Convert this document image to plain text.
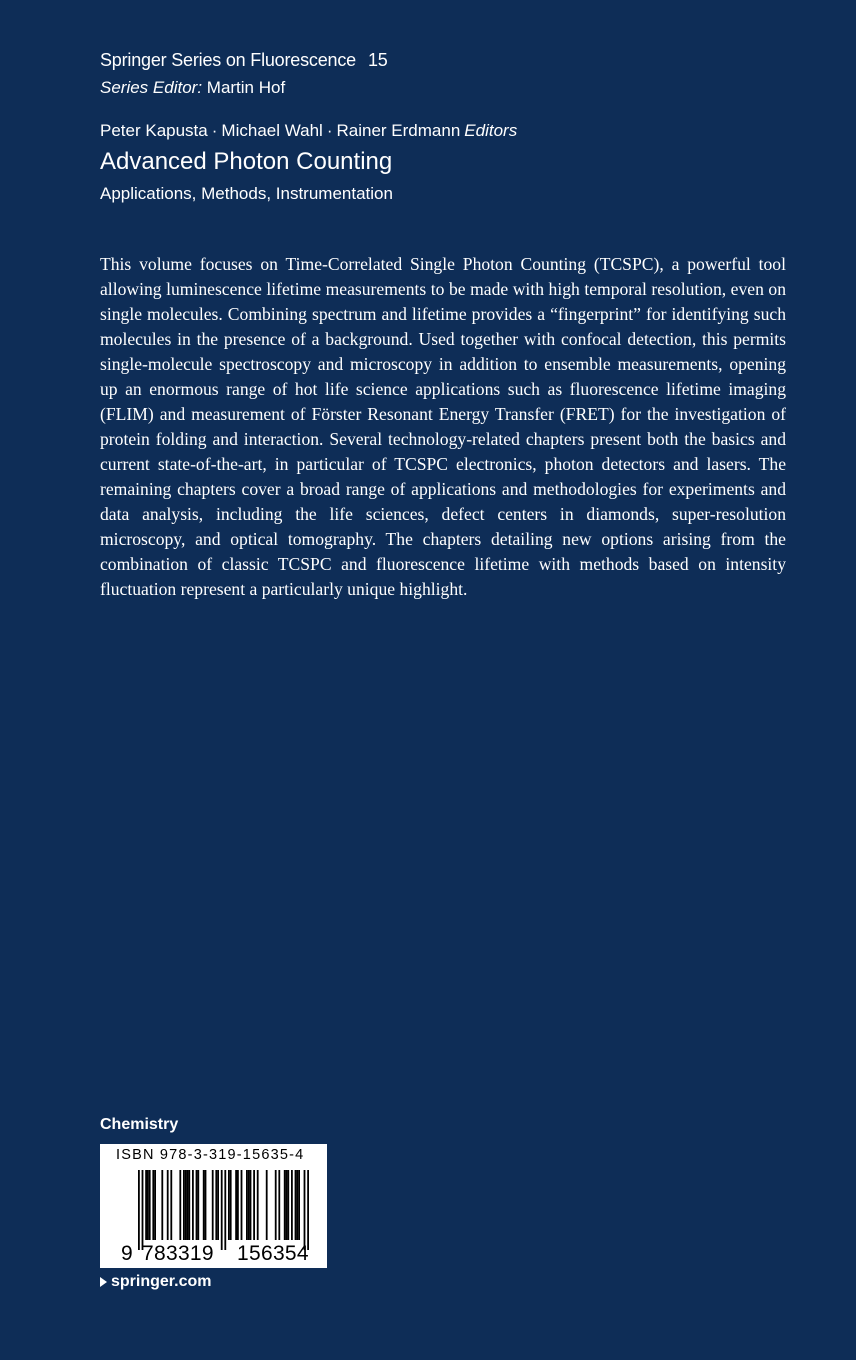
Springer Series on Fluorescence 15
Series Editor: Martin Hof
Peter Kapusta · Michael Wahl · Rainer Erdmann Editors
Advanced Photon Counting
Applications, Methods, Instrumentation

This volume focuses on Time-Correlated Single Photon Counting (TCSPC), a powerful tool allowing luminescence lifetime measurements to be made with high temporal resolution, even on single molecules. Combining spectrum and lifetime provides a “fingerprint” for identifying such molecules in the presence of a background. Used together with confocal detection, this permits single-molecule spectroscopy and microscopy in addition to ensemble measurements, opening up an enormous range of hot life science applications such as fluorescence lifetime imaging (FLIM) and measurement of Förster Resonant Energy Transfer (FRET) for the investigation of protein folding and interaction. Several technology-related chapters present both the basics and current state-of-the-art, in particular of TCSPC electronics, photon detectors and lasers. The remaining chapters cover a broad range of applications and methodologies for experiments and data analysis, including the life sciences, defect centers in diamonds, super-resolution microscopy, and optical tomography. The chapters detailing new options arising from the combination of classic TCSPC and fluorescence lifetime with methods based on intensity fluctuation represent a particularly unique highlight.

Chemistry
ISBN 978-3-319-15635-4
9 783319 156354
springer.com
